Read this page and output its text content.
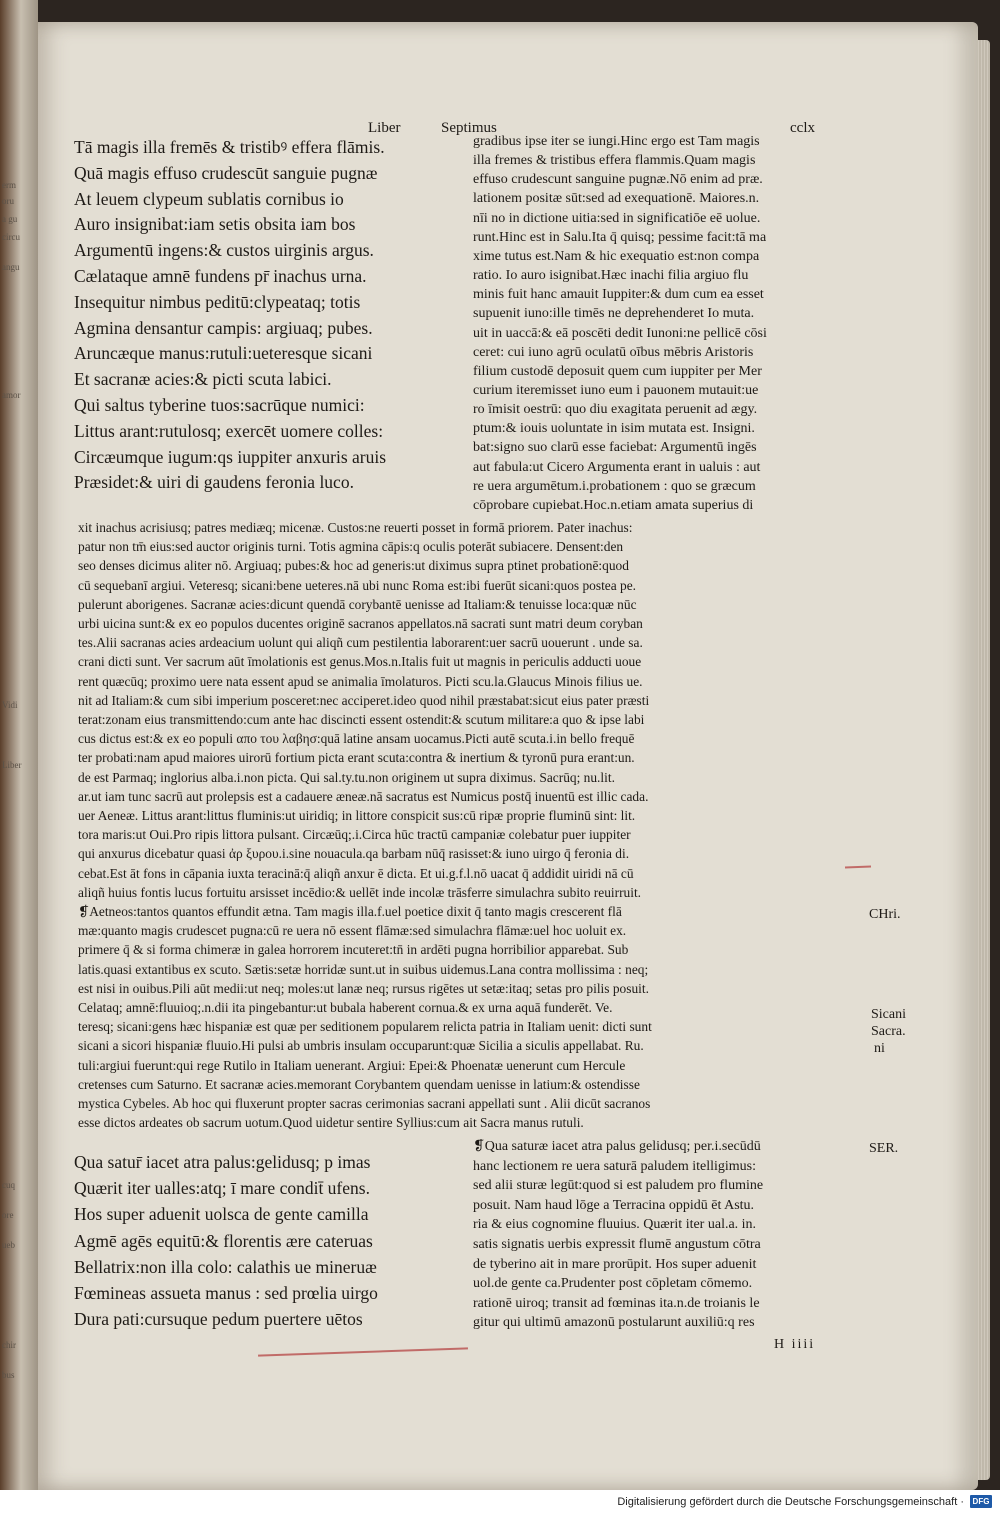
erm
oru
a gu
circu
angu
amor
Vidi
Liber
cuq
ore
ueb
chir
bus
Liber	Septimus	cclx
Tā magis illa fremēs & tristibꝰ effera flāmis.
Quā magis effuso crudescūt sanguie pugnæ
At leuem clypeum sublatis cornibus io
Auro insignibat:iam setis obsita iam bos
Argumentū ingens:& custos uirginis argus.
Cælataque amnē fundens pr̄ inachus urna.
Insequitur nimbus peditū:clypeataq; totis
Agmina densantur campis: argiuaq; pubes.
Aruncæque manus:rutuli:ueteresque sicani
Et sacranæ acies:& picti scuta labici.
Qui saltus tyberine tuos:sacrūque numici:
Littus arant:rutulosq; exercēt uomere colles:
Circæumque iugum:qs iuppiter anxuris aruis
Præsidet:& uiri di gaudens feronia luco.
gradibus ipse iter se iungi.Hinc ergo est Tam magis
illa fremes & tristibus effera flammis.Quam magis
effuso crudescunt sanguine pugnæ.Nō enim ad præ.
lationem positæ sūt:sed ad exequationē. Maiores.n.
nīi no in dictione uitia:sed in significatiōe eē uolue.
runt.Hinc est in Salu.Ita q̄ quisq; pessime facit:tā ma
xime tutus est.Nam & hic exequatio est:non compa
ratio. Io auro isignibat.Hæc inachi filia argiuo flu
minis fuit hanc amauit Iuppiter:& dum cum ea esset
supuenit iuno:ille timēs ne deprehenderet Io muta.
uit in uaccā:& eā poscēti dedit Iunoni:ne pellicē cōsi
ceret: cui iuno agrū oculatū oībus mēbris Aristoris
filium custodē deposuit quem cum iuppiter per Mer
curium iteremisset iuno eum i pauonem mutauit:ue
ro īmisit oestrū: quo diu exagitata peruenit ad ægy.
ptum:& iouis uoluntate in isim mutata est. Insigni.
bat:signo suo clarū esse faciebat: Argumentū ingēs
aut fabula:ut Cicero Argumenta erant in ualuis : aut
re uera argumētum.i.probationem : quo se græcum
cōprobare cupiebat.Hoc.n.etiam amata superius di
xit inachus acrisiusq; patres mediæq; micenæ. Custos:ne reuerti posset in formā priorem. Pater inachus:
patur non tm̄ eius:sed auctor originis turni. Totis agmina cāpis:q oculis poterāt subiacere. Densent:den
seo denses dicimus aliter nō. Argiuaq; pubes:& hoc ad generis:ut diximus supra ptinet probationē:quod
cū sequebanī argiui. Veteresq; sicani:bene ueteres.nā ubi nunc Roma est:ibi fuerūt sicani:quos postea pe.
pulerunt aborigenes. Sacranæ acies:dicunt quendā corybantē uenisse ad Italiam:& tenuisse loca:quæ nūc
urbi uicina sunt:& ex eo populos ducentes originē sacranos appellatos.nā sacrati sunt matri deum coryban
tes.Alii sacranas acies ardeacium uolunt qui aliqñ cum pestilentia laborarent:uer sacrū uouerunt . unde sa.
crani dicti sunt. Ver sacrum aūt īmolationis est genus.Mos.n.Italis fuit ut magnis in periculis adducti uoue
rent quæcūq; proximo uere nata essent apud se animalia īmolaturos. Picti scu.la.Glaucus Minois filius ue.
nit ad Italiam:& cum sibi imperium posceret:nec acciperet.ideo quod nihil præstabat:sicut eius pater præsti
terat:zonam eius transmittendo:cum ante hac discincti essent ostendit:& scutum militare:a quo & ipse labi
cus dictus est:& ex eo populi απο του λαβησ:quā latine ansam uocamus.Picti autē scuta.i.in bello frequē
ter probati:nam apud maiores uirorū fortium picta erant scuta:contra & inertium & tyronū pura erant:un.
de est Parmaq; inglorius alba.i.non picta. Qui sal.ty.tu.non originem ut supra diximus. Sacrūq; nu.lit.
ar.ut iam tunc sacrū aut prolepsis est a cadauere æneæ.nā sacratus est Numicus postq̄ inuentū est illic cada.
uer Aeneæ. Littus arant:littus fluminis:ut uiridiq; in littore conspicit sus:cū ripæ proprie fluminū sint: lit.
tora maris:ut Oui.Pro ripis littora pulsant. Circæūq;.i.Circa hūc tractū campaniæ colebatur puer iuppiter
qui anxurus dicebatur quasi ἀρ ξυρου.i.sine nouacula.qa barbam nūq̄ rasisset:& iuno uirgo q̄ feronia di.
cebat.Est āt fons in cāpania iuxta teracinā:q̄ aliqñ anxur ē dicta. Et ui.g.f.l.nō uacat q̄ addidit uiridi nā cū
aliqñ huius fontis lucus fortuitu arsisset incēdio:& uellēt inde incolæ trāsferre simulachra subito reuirruit.
❡Aetneos:tantos quantos effundit ætna. Tam magis illa.f.uel poetice dixit q̄ tanto magis crescerent flā
mæ:quanto magis crudescet pugna:cū re uera nō essent flāmæ:sed simulachra flāmæ:uel hoc uoluit ex.
primere q̄ & si forma chimeræ in galea horrorem incuteret:tn̄ in ardēti pugna horribilior apparebat. Sub
latis.quasi extantibus ex scuto. Sætis:setæ horridæ sunt.ut in suibus uidemus.Lana contra mollissima : neq;
est nisi in ouibus.Pili aūt medii:ut neq; moles:ut lanæ neq; rursus rigētes ut setæ:itaq; setas pro pilis posuit.
Celataq; amnē:fluuioq;.n.dii ita pingebantur:ut bubala haberent cornua.& ex urna aquā funderēt. Ve.
teresq; sicani:gens hæc hispaniæ est quæ per seditionem popularem relicta patria in Italiam uenit: dicti sunt
sicani a sicori hispaniæ fluuio.Hi pulsi ab umbris insulam occuparunt:quæ Sicilia a siculis appellabat. Ru.
tuli:argiui fuerunt:qui rege Rutilo in Italiam uenerant. Argiui: Epei:& Phoenatæ uenerunt cum Hercule
cretenses cum Saturno. Et sacranæ acies.memorant Corybantem quendam uenisse in latium:& ostendisse
mystica Cybeles. Ab hoc qui fluxerunt propter sacras cerimonias sacrani appellati sunt . Alii dicūt sacranos
esse dictos ardeates ob sacrum uotum.Quod uidetur sentire Syllius:cum ait Sacra manus rutuli.
Qua satur̄ iacet atra palus:gelidusq; p imas
Quærit iter ualles:atq; ī mare condit̄ ufens.
Hos super aduenit uolsca de gente camilla
Agmē agēs equitū:& florentis ære cateruas
Bellatrix:non illa colo: calathis ue mineruæ
Fœmineas assueta manus : sed prœlia uirgo
Dura pati:cursuque pedum puertere uētos
❡Qua saturæ iacet atra palus gelidusq; per.i.secūdū
hanc lectionem re uera saturā paludem itelligimus:
sed alii sturæ legūt:quod si est paludem pro flumine
posuit. Nam haud lōge a Terracina oppidū ēt Astu.
ria & eius cognomine fluuius. Quærit iter ual.a. in.
satis signatis uerbis expressit flumē angustum cōtra
de tyberino ait in mare prorūpit. Hos super aduenit
uol.de gente ca.Prudenter post cōpletam cōmemo.
rationē uiroq; transit ad fœminas ita.n.de troianis le
gitur qui ultimū amazonū postularunt auxiliū:q res
CHri.
Sicani
Sacra.
ni
SER.
H iiii
Digitalisierung gefördert durch die Deutsche Forschungsgemeinschaft ·	DFG
